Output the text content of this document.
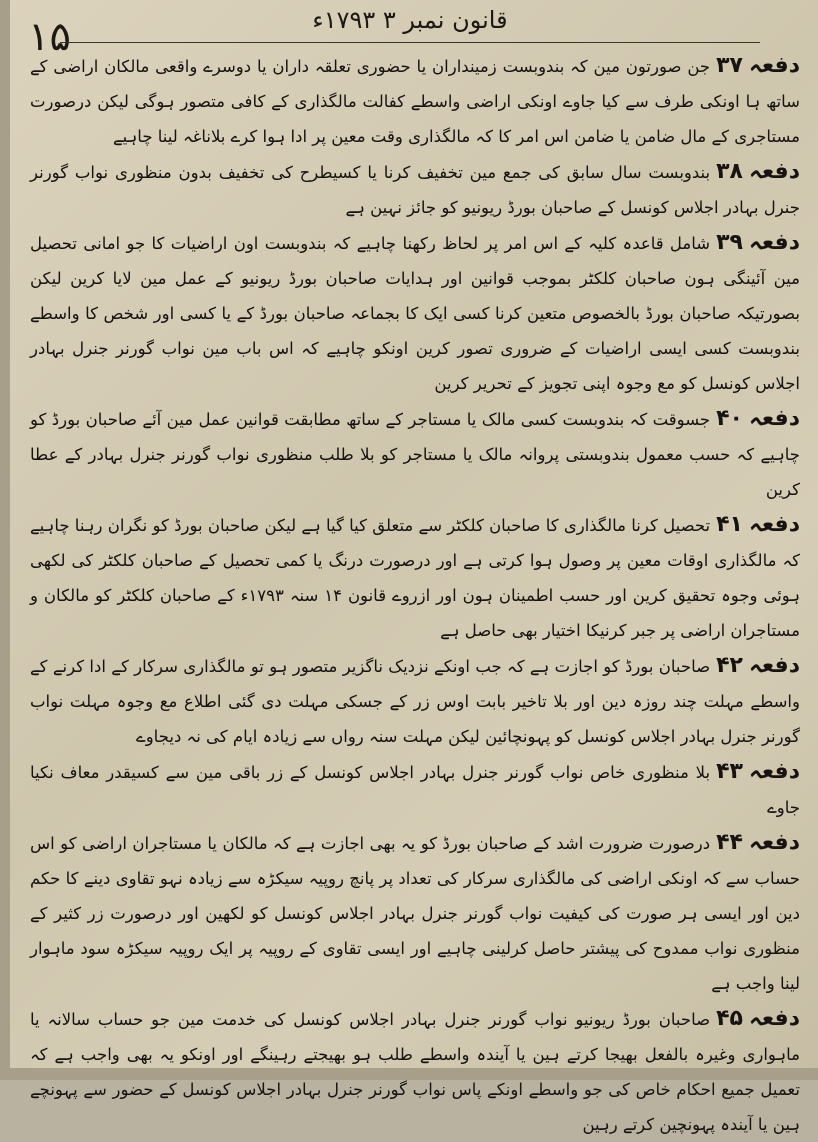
۱۵	قانون نمبر ۳ ۱۷۹۳ء

دفعہ۳۷جن صورتون مین کہ بندوبست زمینداران یا حضوری تعلقہ داران یا دوسرے واقعی مالکان اراضی کے ساتھ ہا اونکی طرف سے کیا جاوے اونکی اراضی واسطے کفالت مالگذاری کے کافی متصور ہوگی لیکن درصورت مستاجری کے مال ضامن یا ضامن اس امر کا کہ مالگذاری وقت معین پر ادا ہوا کرے بلاناغہ لینا چاہیے

دفعہ۳۸بندوبست سال سابق کی جمع مین تخفیف کرنا یا کسیطرح کی تخفیف بدون منظوری نواب گورنر جنرل بہادر اجلاس کونسل کے صاحبان بورڈ ریونیو کو جائز نہین ہے

دفعہ۳۹شامل قاعدہ کلیہ کے اس امر پر لحاظ رکھنا چاہیے کہ بندوبست اون اراضیات کا جو امانی تحصیل مین آئینگی ہون صاحبان کلکٹر بموجب قوانین اور ہدایات صاحبان بورڈ ریونیو کے عمل مین لایا کرین لیکن بصورتیکہ صاحبان بورڈ بالخصوص متعین کرنا کسی ایک کا بجماعہ صاحبان بورڈ کے یا کسی اور شخص کا واسطے بندوبست کسی ایسی اراضیات کے ضروری تصور کرین اونکو چاہیے کہ اس باب مین نواب گورنر جنرل بہادر اجلاس کونسل کو مع وجوہ اپنی تجویز کے تحریر کرین

دفعہ۴۰جسوقت کہ بندوبست کسی مالک یا مستاجر کے ساتھ مطابقت قوانین عمل مین آئے صاحبان بورڈ کو چاہیے کہ حسب معمول بندوبستی پروانہ مالک یا مستاجر کو بلا طلب منظوری نواب گورنر جنرل بہادر کے عطا کرین

دفعہ۴۱تحصیل کرنا مالگذاری کا صاحبان کلکٹر سے متعلق کیا گیا ہے لیکن صاحبان بورڈ کو نگران رہنا چاہیے کہ مالگذاری اوقات معین پر وصول ہوا کرتی ہے اور درصورت درنگ یا کمی تحصیل کے صاحبان کلکٹر کی لکھی ہوئی وجوہ تحقیق کرین اور حسب اطمینان ہون اور ازروے قانون ۱۴ سنہ ۱۷۹۳ء کے صاحبان کلکٹر کو مالکان و مستاجران اراضی پر جبر کرنیکا اختیار بھی حاصل ہے

دفعہ۴۲صاحبان بورڈ کو اجازت ہے کہ جب اونکے نزدیک ناگزیر متصور ہو تو مالگذاری سرکار کے ادا کرنے کے واسطے مہلت چند روزہ دین اور بلا تاخیر بابت اوس زر کے جسکی مہلت دی گئی اطلاع مع وجوہ مہلت نواب گورنر جنرل بہادر اجلاس کونسل کو پہونچائین لیکن مہلت سنہ رواں سے زیادہ ایام کی نہ دیجاوے

دفعہ۴۳بلا منظوری خاص نواب گورنر جنرل بہادر اجلاس کونسل کے زر باقی مین سے کسیقدر معاف نکیا جاوے

دفعہ۴۴درصورت ضرورت اشد کے صاحبان بورڈ کو یہ بھی اجازت ہے کہ مالکان یا مستاجران اراضی کو اس حساب سے کہ اونکی اراضی کی مالگذاری سرکار کی تعداد پر پانچ روپیہ سیکڑہ سے زیادہ نہو تقاوی دینے کا حکم دین اور ایسی ہر صورت کی کیفیت نواب گورنر جنرل بہادر اجلاس کونسل کو لکھین اور درصورت زر کثیر کے منظوری نواب ممدوح کی پیشتر حاصل کرلینی چاہیے اور ایسی تقاوی کے روپیہ پر ایک روپیہ سیکڑہ سود ماہوار لینا واجب ہے

دفعہ۴۵صاحبان بورڈ ریونیو نواب گورنر جنرل بہادر اجلاس کونسل کی خدمت مین جو حساب سالانہ یا ماہواری وغیرہ بالفعل بھیجا کرتے ہین یا آیندہ واسطے طلب ہو بھیجتے رہینگے اور اونکو یہ بھی واجب ہے کہ تعمیل جمیع احکام خاص کی جو واسطے اونکے پاس نواب گورنر جنرل بہادر اجلاس کونسل کے حضور سے پہونچے ہین یا آیندہ پہونچین کرتے رہین
